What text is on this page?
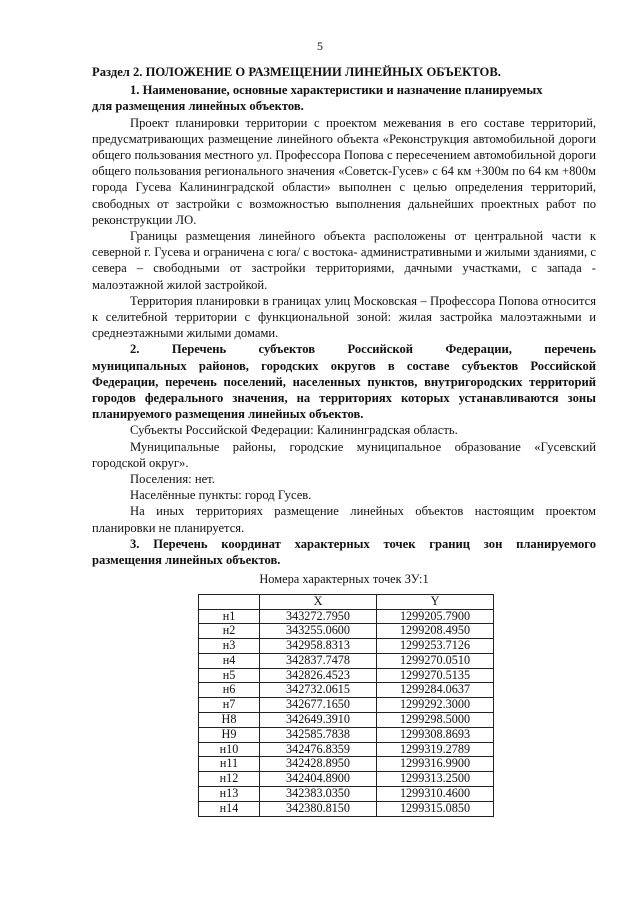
5

Раздел 2. ПОЛОЖЕНИЕ О РАЗМЕЩЕНИИ ЛИНЕЙНЫХ ОБЪЕКТОВ.

1. Наименование, основные характеристики и назначение планируемых
для размещения линейных объектов.

Проект планировки территории с проектом межевания в его составе территорий, предусматривающих размещение линейного объекта «Реконструкция автомобильной дороги общего пользования местного ул. Профессора Попова с пересечением автомобильной дороги общего пользования регионального значения «Советск-Гусев» с 64 км +300м по 64 км +800м города Гусева Калининградской области» выполнен с целью определения территорий, свободных от застройки с возможностью выполнения дальнейших проектных работ по реконструкции ЛО.

Границы размещения линейного объекта расположены от центральной части к северной г. Гусева и ограничена с юга/ с востока- административными и жилыми зданиями, с севера – свободными от застройки территориями, дачными участками, с запада - малоэтажной жилой застройкой.

Территория планировки в границах улиц Московская – Профессора Попова относится к селитебной территории с функциональной зоной: жилая застройка малоэтажными и среднеэтажными жилыми домами.

2. Перечень субъектов Российской Федерации, перечень

муниципальных районов, городских округов в составе субъектов Российской Федерации, перечень поселений, населенных пунктов, внутригородских территорий городов федерального значения, на территориях которых устанавливаются зоны планируемого размещения линейных объектов.

Субъекты Российской Федерации: Калининградская область.

Муниципальные районы, городские муниципальное образование «Гусевский городской округ».

Поселения: нет.

Населённые пункты: город Гусев.

На иных территориях размещение линейных объектов настоящим проектом планировки не планируется.

3. Перечень координат характерных точек границ зон планируемого

размещения линейных объектов.

Номера характерных точек ЗУ:1
	X	Y
н1	343272.7950	1299205.7900
н2	343255.0600	1299208.4950
н3	342958.8313	1299253.7126
н4	342837.7478	1299270.0510
н5	342826.4523	1299270.5135
н6	342732.0615	1299284.0637
н7	342677.1650	1299292.3000
Н8	342649.3910	1299298.5000
Н9	342585.7838	1299308.8693
н10	342476.8359	1299319.2789
н11	342428.8950	1299316.9900
н12	342404.8900	1299313.2500
н13	342383.0350	1299310.4600
н14	342380.8150	1299315.0850
